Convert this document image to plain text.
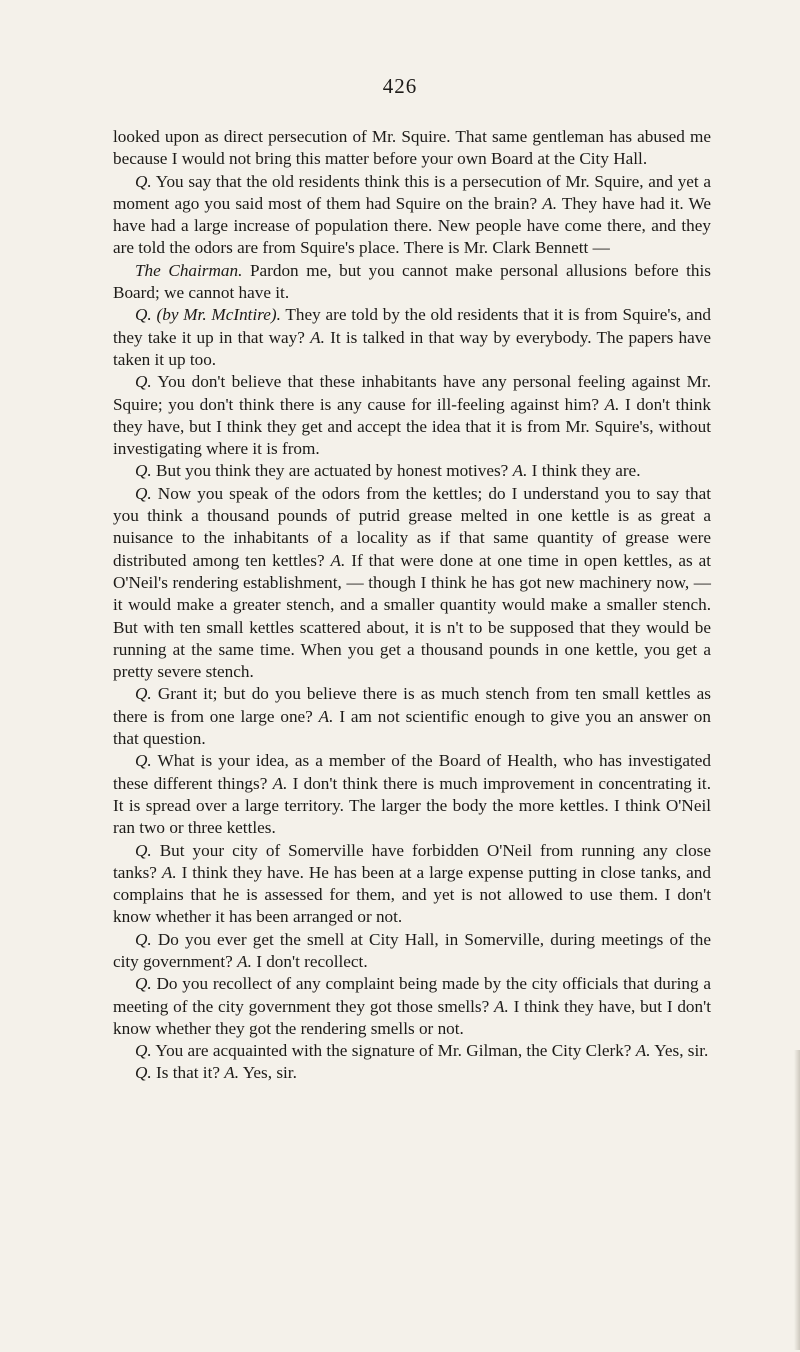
426

looked upon as direct persecution of Mr. Squire. That same gentleman has abused me because I would not bring this matter before your own Board at the City Hall.

Q. You say that the old residents think this is a persecution of Mr. Squire, and yet a moment ago you said most of them had Squire on the brain? A. They have had it. We have had a large increase of population there. New people have come there, and they are told the odors are from Squire's place. There is Mr. Clark Bennett —

The Chairman. Pardon me, but you cannot make personal allusions before this Board; we cannot have it.

Q. (by Mr. McIntire). They are told by the old residents that it is from Squire's, and they take it up in that way? A. It is talked in that way by everybody. The papers have taken it up too.

Q. You don't believe that these inhabitants have any personal feeling against Mr. Squire; you don't think there is any cause for ill-feeling against him? A. I don't think they have, but I think they get and accept the idea that it is from Mr. Squire's, without investigating where it is from.

Q. But you think they are actuated by honest motives? A. I think they are.

Q. Now you speak of the odors from the kettles; do I understand you to say that you think a thousand pounds of putrid grease melted in one kettle is as great a nuisance to the inhabitants of a locality as if that same quantity of grease were distributed among ten kettles? A. If that were done at one time in open kettles, as at O'Neil's rendering establishment, — though I think he has got new machinery now, — it would make a greater stench, and a smaller quantity would make a smaller stench. But with ten small kettles scattered about, it is n't to be supposed that they would be running at the same time. When you get a thousand pounds in one kettle, you get a pretty severe stench.

Q. Grant it; but do you believe there is as much stench from ten small kettles as there is from one large one? A. I am not scientific enough to give you an answer on that question.

Q. What is your idea, as a member of the Board of Health, who has investigated these different things? A. I don't think there is much improvement in concentrating it. It is spread over a large territory. The larger the body the more kettles. I think O'Neil ran two or three kettles.

Q. But your city of Somerville have forbidden O'Neil from running any close tanks? A. I think they have. He has been at a large expense putting in close tanks, and complains that he is assessed for them, and yet is not allowed to use them. I don't know whether it has been arranged or not.

Q. Do you ever get the smell at City Hall, in Somerville, during meetings of the city government? A. I don't recollect.

Q. Do you recollect of any complaint being made by the city officials that during a meeting of the city government they got those smells? A. I think they have, but I don't know whether they got the rendering smells or not.

Q. You are acquainted with the signature of Mr. Gilman, the City Clerk? A. Yes, sir.

Q. Is that it? A. Yes, sir.
